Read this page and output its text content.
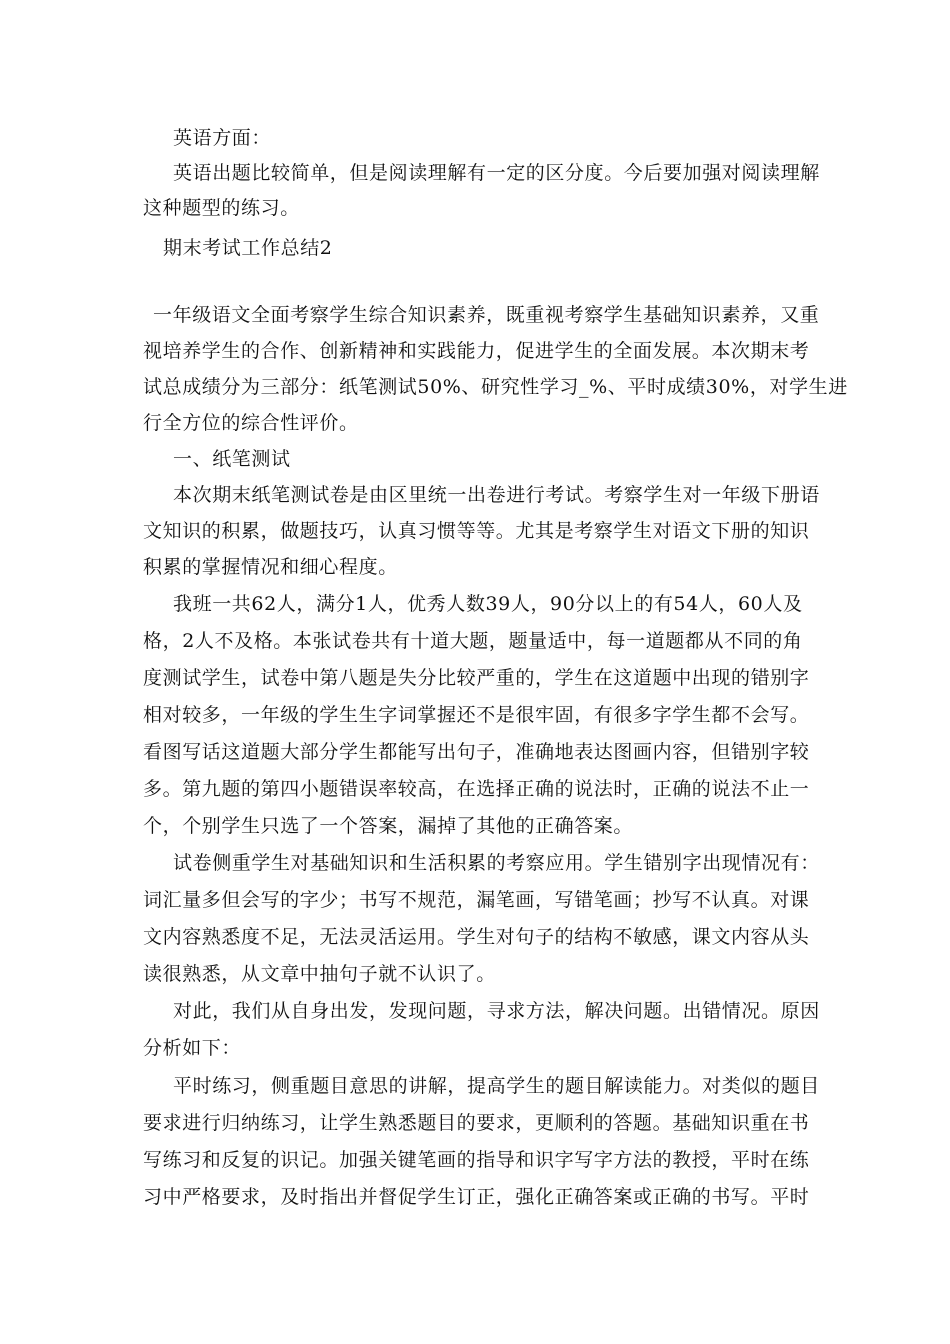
英语方面：
英语出题比较简单，但是阅读理解有一定的区分度。今后要加强对阅读理解
这种题型的练习。
期末考试工作总结2
一年级语文全面考察学生综合知识素养，既重视考察学生基础知识素养，又重
视培养学生的合作、创新精神和实践能力，促进学生的全面发展。本次期末考
试总成绩分为三部分：纸笔测试50%、研究性学习_%、平时成绩30%，对学生进
行全方位的综合性评价。
一、纸笔测试
本次期末纸笔测试卷是由区里统一出卷进行考试。考察学生对一年级下册语
文知识的积累，做题技巧，认真习惯等等。尤其是考察学生对语文下册的知识
积累的掌握情况和细心程度。
我班一共62人，满分1人，优秀人数39人，90分以上的有54人，60人及
格，2人不及格。本张试卷共有十道大题，题量适中，每一道题都从不同的角
度测试学生，试卷中第八题是失分比较严重的，学生在这道题中出现的错别字
相对较多，一年级的学生生字词掌握还不是很牢固，有很多字学生都不会写。
看图写话这道题大部分学生都能写出句子，准确地表达图画内容，但错别字较
多。第九题的第四小题错误率较高，在选择正确的说法时，正确的说法不止一
个，个别学生只选了一个答案，漏掉了其他的正确答案。
试卷侧重学生对基础知识和生活积累的考察应用。学生错别字出现情况有：
词汇量多但会写的字少；书写不规范，漏笔画，写错笔画；抄写不认真。对课
文内容熟悉度不足，无法灵活运用。学生对句子的结构不敏感，课文内容从头
读很熟悉，从文章中抽句子就不认识了。
对此，我们从自身出发，发现问题，寻求方法，解决问题。出错情况。原因
分析如下：
平时练习，侧重题目意思的讲解，提高学生的题目解读能力。对类似的题目
要求进行归纳练习，让学生熟悉题目的要求，更顺利的答题。基础知识重在书
写练习和反复的识记。加强关键笔画的指导和识字写字方法的教授，平时在练
习中严格要求，及时指出并督促学生订正，强化正确答案或正确的书写。平时
